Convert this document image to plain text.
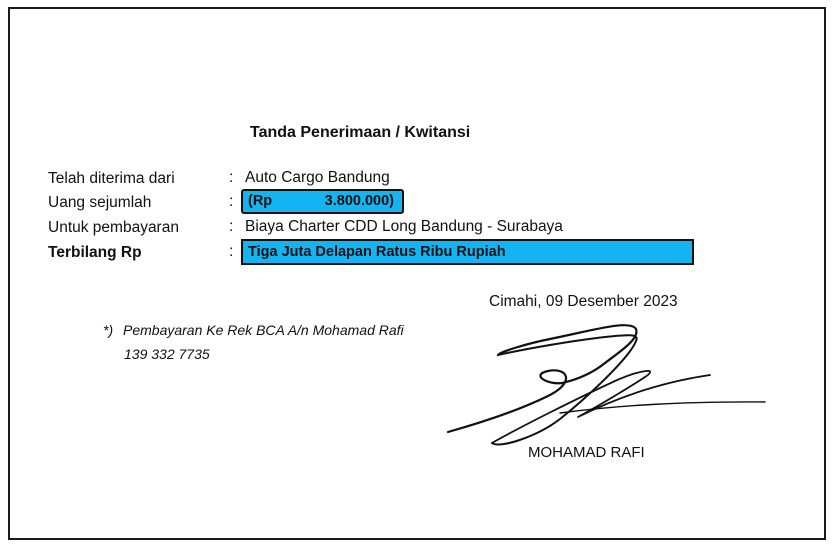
Tanda Penerimaan / Kwitansi
Telah diterima dari	: Auto Cargo Bandung
Uang sejumlah	: (Rp	3.800.000)
Untuk pembayaran	: Biaya Charter CDD Long Bandung - Surabaya
Terbilang Rp	: Tiga Juta Delapan Ratus Ribu Rupiah
Cimahi, 09 Desember 2023
*) Pembayaran Ke Rek BCA A/n Mohamad Rafi
139 332 7735
MOHAMAD RAFI
